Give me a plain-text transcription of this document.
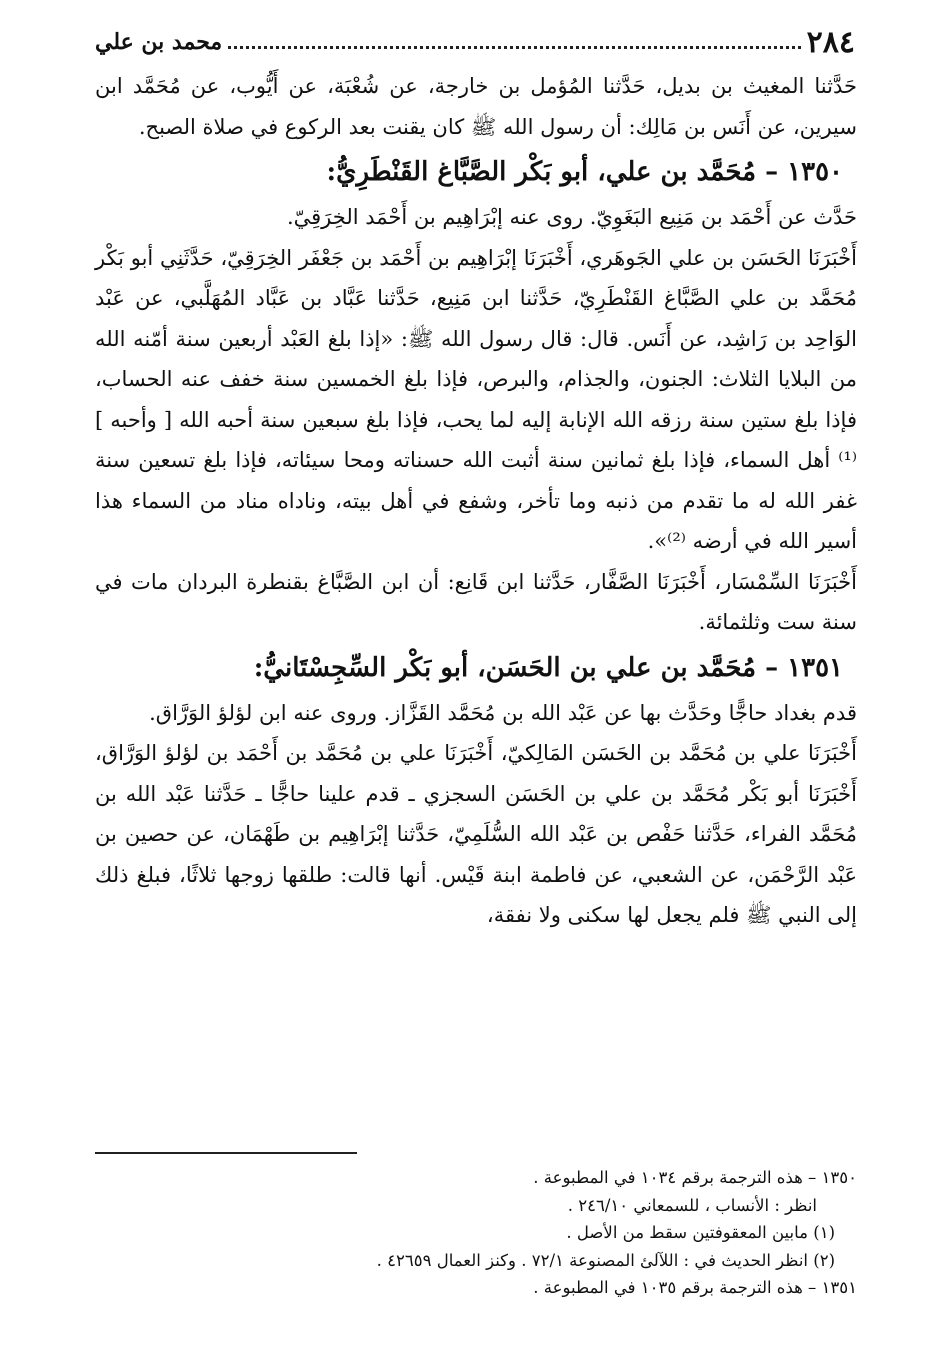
٢٨٤
محمد بن علي

حَدَّثنا المغيث بن بديل، حَدَّثنا المُؤمل بن خارجة، عن شُعْبَة، عن أَيُّوب، عن مُحَمَّد ابن سيرين، عن أَنَس بن مَالِك: أن رسول الله ﷺ كان يقنت بعد الركوع في صلاة الصبح.

١٣٥٠ – مُحَمَّد بن علي، أبو بَكْر الصَّبَّاغ القَنْطَرِيُّ:

حَدَّث عن أَحْمَد بن مَنِيع البَغَوِيّ. روى عنه إبْرَاهِيم بن أَحْمَد الخِرَقِيّ.

أَخْبَرَنَا الحَسَن بن علي الجَوهَري، أَخْبَرَنَا إبْرَاهِيم بن أَحْمَد بن جَعْفَر الخِرَقِيّ، حَدَّثَنِي أبو بَكْر مُحَمَّد بن علي الصَّبَّاغ القَنْطَرِيّ، حَدَّثنا ابن مَنِيع، حَدَّثنا عَبَّاد بن عَبَّاد المُهَلَّبي، عن عَبْد الوَاحِد بن رَاشِد، عن أَنَس. قال: قال رسول الله ﷺ: «إذا بلغ العَبْد أربعين سنة أمّنه الله من البلايا الثلاث: الجنون، والجذام، والبرص، فإذا بلغ الخمسين سنة خفف عنه الحساب، فإذا بلغ ستين سنة رزقه الله الإنابة إليه لما يحب، فإذا بلغ سبعين سنة أحبه الله [ وأحبه ] ⁽¹⁾ أهل السماء، فإذا بلغ ثمانين سنة أثبت الله حسناته ومحا سيئاته، فإذا بلغ تسعين سنة غفر الله له ما تقدم من ذنبه وما تأخر، وشفع في أهل بيته، وناداه مناد من السماء هذا أسير الله في أرضه ⁽²⁾».

أَخْبَرَنَا السِّمْسَار، أَخْبَرَنَا الصَّفَّار، حَدَّثنا ابن قَانِع: أن ابن الصَّبَّاغ بقنطرة البردان مات في سنة ست وثلثمائة.

١٣٥١ – مُحَمَّد بن علي بن الحَسَن، أبو بَكْر السِّجِسْتَانيُّ:

قدم بغداد حاجًّا وحَدَّث بها عن عَبْد الله بن مُحَمَّد القَزَّاز. وروى عنه ابن لؤلؤ الوَرَّاق.

أَخْبَرَنَا علي بن مُحَمَّد بن الحَسَن المَالِكيّ، أَخْبَرَنَا علي بن مُحَمَّد بن أَحْمَد بن لؤلؤ الوَرَّاق، أَخْبَرَنَا أبو بَكْر مُحَمَّد بن علي بن الحَسَن السجزي ـ قدم علينا حاجًّا ـ حَدَّثنا عَبْد الله بن مُحَمَّد الفراء، حَدَّثنا حَفْص بن عَبْد الله السُّلَمِيّ، حَدَّثنا إبْرَاهِيم بن طَهْمَان، عن حصين بن عَبْد الرَّحْمَن، عن الشعبي، عن فاطمة ابنة قَيْس. أنها قالت: طلقها زوجها ثلاثًا، فبلغ ذلك إلى النبي ﷺ فلم يجعل لها سكنى ولا نفقة،

١٣٥٠ – هذه الترجمة برقم ١٠٣٤ في المطبوعة .

انظر : الأنساب ، للسمعاني ٢٤٦/١٠ .

(١) مابين المعقوفتين سقط من الأصل .

(٢) انظر الحديث في : اللآلئ المصنوعة ٧٢/١ . وكنز العمال ٤٢٦٥٩ .

١٣٥١ – هذه الترجمة برقم ١٠٣٥ في المطبوعة .
